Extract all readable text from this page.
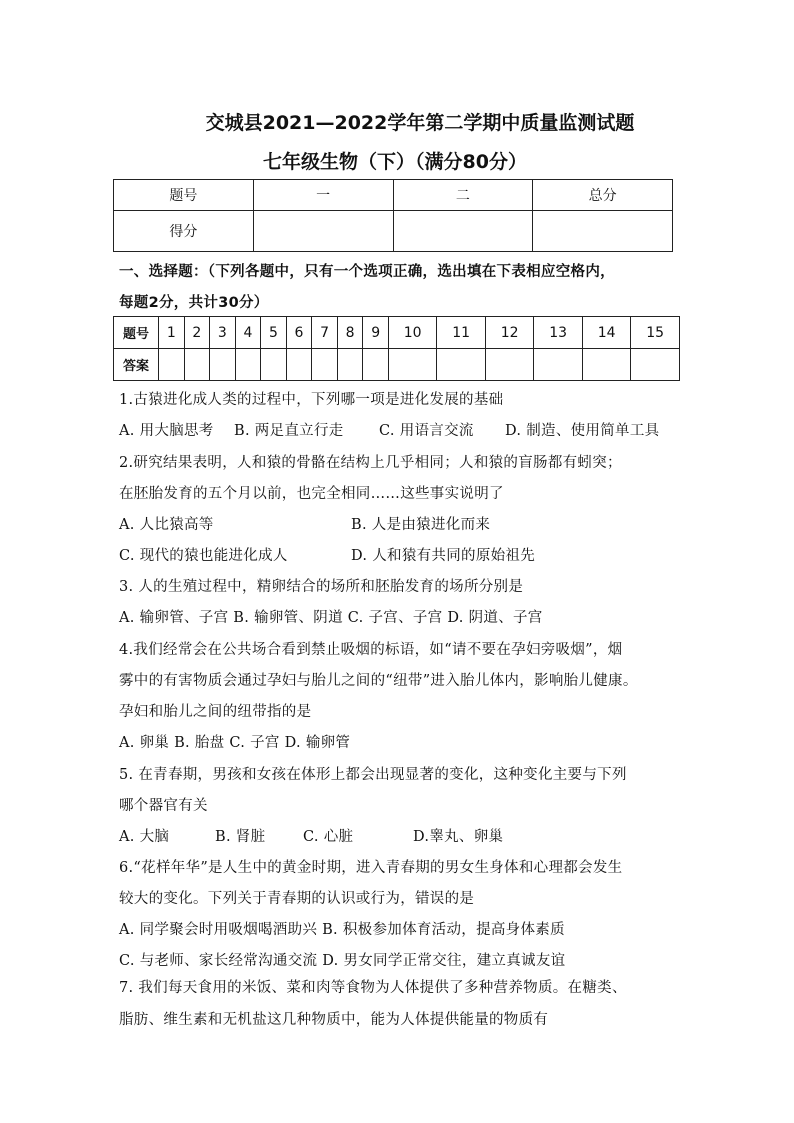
交城县2021—2022学年第二学期中质量监测试题
七年级生物（下）（满分80分）
题号	一	二	总分
得分			
一、选择题：（下列各题中，只有一个选项正确，选出填在下表相应空格内，
每题2分，共计30分）
题号	1	2	3	4	5	6	7	8	9	10	11	12	13	14	15
答案															
1.古猿进化成人类的过程中，下列哪一项是进化发展的基础
A. 用大脑思考 B. 两足直立行走 C. 用语言交流 D. 制造、使用简单工具
2.研究结果表明，人和猿的骨骼在结构上几乎相同；人和猿的盲肠都有蚓突；
在胚胎发育的五个月以前，也完全相同……这些事实说明了
A. 人比猿高等	B. 人是由猿进化而来
C. 现代的猿也能进化成人	D. 人和猿有共同的原始祖先
3. 人的生殖过程中，精卵结合的场所和胚胎发育的场所分别是
A. 输卵管、子宫 B. 输卵管、阴道 C. 子宫、子宫 D. 阴道、子宫
4.我们经常会在公共场合看到禁止吸烟的标语，如“请不要在孕妇旁吸烟”，烟
雾中的有害物质会通过孕妇与胎儿之间的“纽带”进入胎儿体内，影响胎儿健康。
孕妇和胎儿之间的纽带指的是
A. 卵巢 B. 胎盘 C. 子宫 D. 输卵管
5. 在青春期，男孩和女孩在体形上都会出现显著的变化，这种变化主要与下列
哪个器官有关
A. 大脑	B. 肾脏	C. 心脏	D.睾丸、卵巢
6.“花样年华”是人生中的黄金时期，进入青春期的男女生身体和心理都会发生
较大的变化。下列关于青春期的认识或行为，错误的是
A. 同学聚会时用吸烟喝酒助兴 B. 积极参加体育活动，提高身体素质
C. 与老师、家长经常沟通交流 D. 男女同学正常交往，建立真诚友谊
7. 我们每天食用的米饭、菜和肉等食物为人体提供了多种营养物质。在糖类、
脂肪、维生素和无机盐这几种物质中，能为人体提供能量的物质有
